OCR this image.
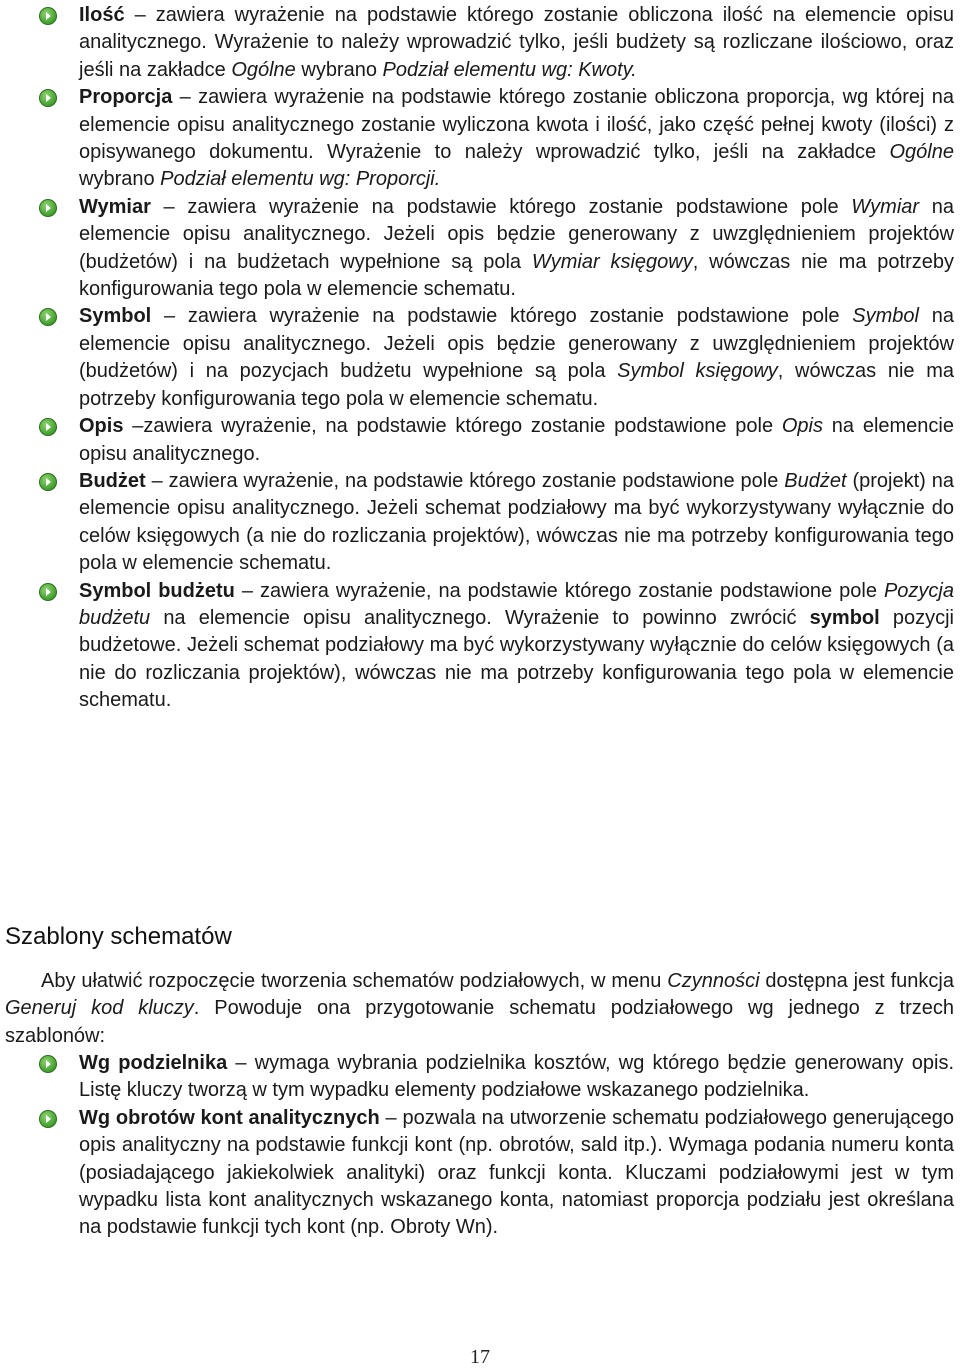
Ilość – zawiera wyrażenie na podstawie którego zostanie obliczona ilość na elemencie opisu analitycznego. Wyrażenie to należy wprowadzić tylko, jeśli budżety są rozliczane ilościowo, oraz jeśli na zakładce Ogólne wybrano Podział elementu wg: Kwoty.

Proporcja – zawiera wyrażenie na podstawie którego zostanie obliczona proporcja, wg której na elemencie opisu analitycznego zostanie wyliczona kwota i ilość, jako część pełnej kwoty (ilości) z opisywanego dokumentu. Wyrażenie to należy wprowadzić tylko, jeśli na zakładce Ogólne wybrano Podział elementu wg: Proporcji.

Wymiar – zawiera wyrażenie na podstawie którego zostanie podstawione pole Wymiar na elemencie opisu analitycznego. Jeżeli opis będzie generowany z uwzględnieniem projektów (budżetów) i na budżetach wypełnione są pola Wymiar księgowy, wówczas nie ma potrzeby konfigurowania tego pola w elemencie schematu.

Symbol – zawiera wyrażenie na podstawie którego zostanie podstawione pole Symbol na elemencie opisu analitycznego. Jeżeli opis będzie generowany z uwzględnieniem projektów (budżetów) i na pozycjach budżetu wypełnione są pola Symbol księgowy, wówczas nie ma potrzeby konfigurowania tego pola w elemencie schematu.

Opis –zawiera wyrażenie, na podstawie którego zostanie podstawione pole Opis na elemencie opisu analitycznego.

Budżet – zawiera wyrażenie, na podstawie którego zostanie podstawione pole Budżet (projekt) na elemencie opisu analitycznego. Jeżeli schemat podziałowy ma być wykorzystywany wyłącznie do celów księgowych (a nie do rozliczania projektów), wówczas nie ma potrzeby konfigurowania tego pola w elemencie schematu.

Symbol budżetu – zawiera wyrażenie, na podstawie którego zostanie podstawione pole Pozycja budżetu na elemencie opisu analitycznego. Wyrażenie to powinno zwrócić symbol pozycji budżetowe. Jeżeli schemat podziałowy ma być wykorzystywany wyłącznie do celów księgowych (a nie do rozliczania projektów), wówczas nie ma potrzeby konfigurowania tego pola w elemencie schematu.

Szablony schematów

Aby ułatwić rozpoczęcie tworzenia schematów podziałowych, w menu Czynności dostępna jest funkcja Generuj kod kluczy. Powoduje ona przygotowanie schematu podziałowego wg jednego z trzech szablonów:

Wg podzielnika – wymaga wybrania podzielnika kosztów, wg którego będzie generowany opis. Listę kluczy tworzą w tym wypadku elementy podziałowe wskazanego podzielnika.

Wg obrotów kont analitycznych – pozwala na utworzenie schematu podziałowego generującego opis analityczny na podstawie funkcji kont (np. obrotów, sald itp.). Wymaga podania numeru konta (posiadającego jakiekolwiek analityki) oraz funkcji konta. Kluczami podziałowymi jest w tym wypadku lista kont analitycznych wskazanego konta, natomiast proporcja podziału jest określana na podstawie funkcji tych kont (np. Obroty Wn).

17
